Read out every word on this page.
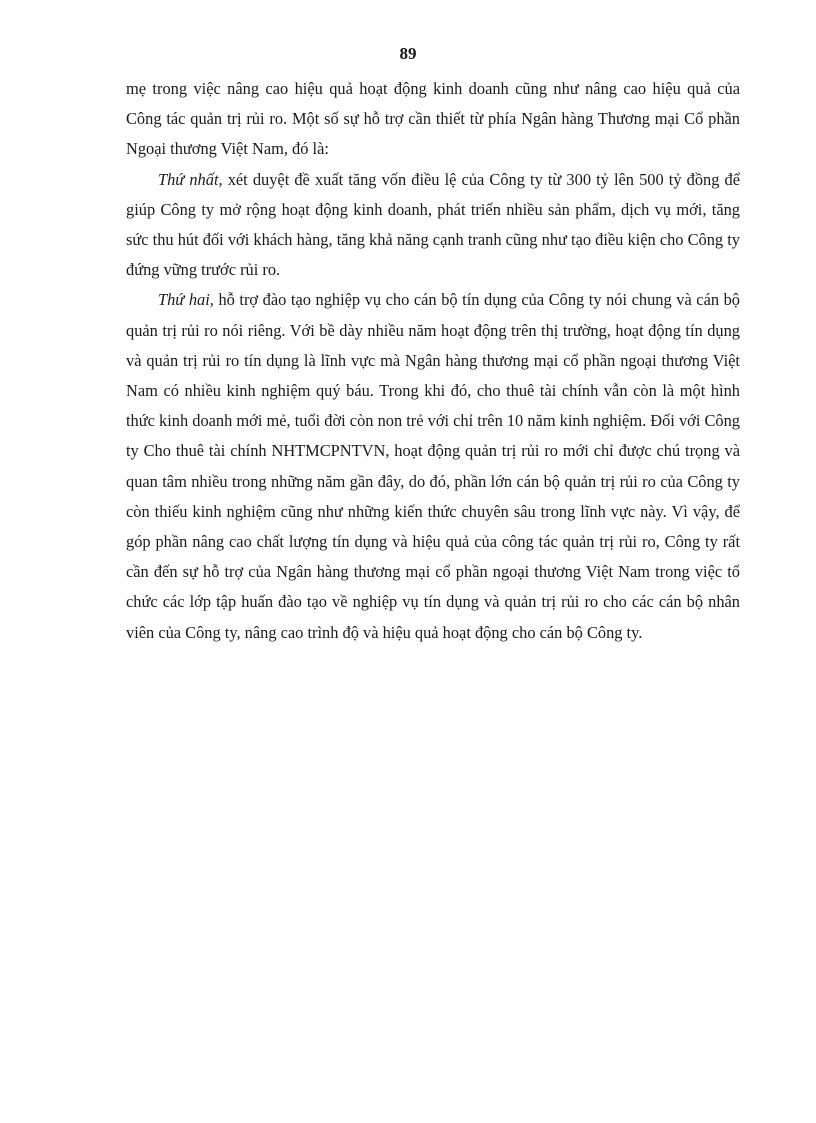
89

mẹ trong việc nâng cao hiệu quả hoạt động kinh doanh cũng như nâng cao hiệu quả của Công tác quản trị rủi ro. Một số sự hỗ trợ cần thiết từ phía Ngân hàng Thương mại Cổ phần Ngoại thương Việt Nam, đó là:

Thứ nhất, xét duyệt đề xuất tăng vốn điều lệ của Công ty từ 300 tỷ lên 500 tỷ đồng để giúp Công ty mở rộng hoạt động kinh doanh, phát triển nhiều sản phẩm, dịch vụ mới, tăng sức thu hút đối với khách hàng, tăng khả năng cạnh tranh cũng như tạo điều kiện cho Công ty đứng vững trước rủi ro.

Thứ hai, hỗ trợ đào tạo nghiệp vụ cho cán bộ tín dụng của Công ty nói chung và cán bộ quản trị rủi ro nói riêng. Với bề dày nhiều năm hoạt động trên thị trường, hoạt động tín dụng và quản trị rủi ro tín dụng là lĩnh vực mà Ngân hàng thương mại cổ phần ngoại thương Việt Nam có nhiều kinh nghiệm quý báu. Trong khi đó, cho thuê tài chính vẫn còn là một hình thức kinh doanh mới mẻ, tuổi đời còn non trẻ với chỉ trên 10 năm kinh nghiệm. Đối với Công ty Cho thuê tài chính NHTMCPNTVN, hoạt động quản trị rủi ro mới chỉ được chú trọng và quan tâm nhiều trong những năm gần đây, do đó, phần lớn cán bộ quản trị rủi ro của Công ty còn thiếu kinh nghiệm cũng như những kiến thức chuyên sâu trong lĩnh vực này. Vì vậy, để góp phần nâng cao chất lượng tín dụng và hiệu quả của công tác quản trị rủi ro, Công ty rất cần đến sự hỗ trợ của Ngân hàng thương mại cổ phần ngoại thương Việt Nam trong việc tổ chức các lớp tập huấn đào tạo về nghiệp vụ tín dụng và quản trị rủi ro cho các cán bộ nhân viên của Công ty, nâng cao trình độ và hiệu quả hoạt động cho cán bộ Công ty.
